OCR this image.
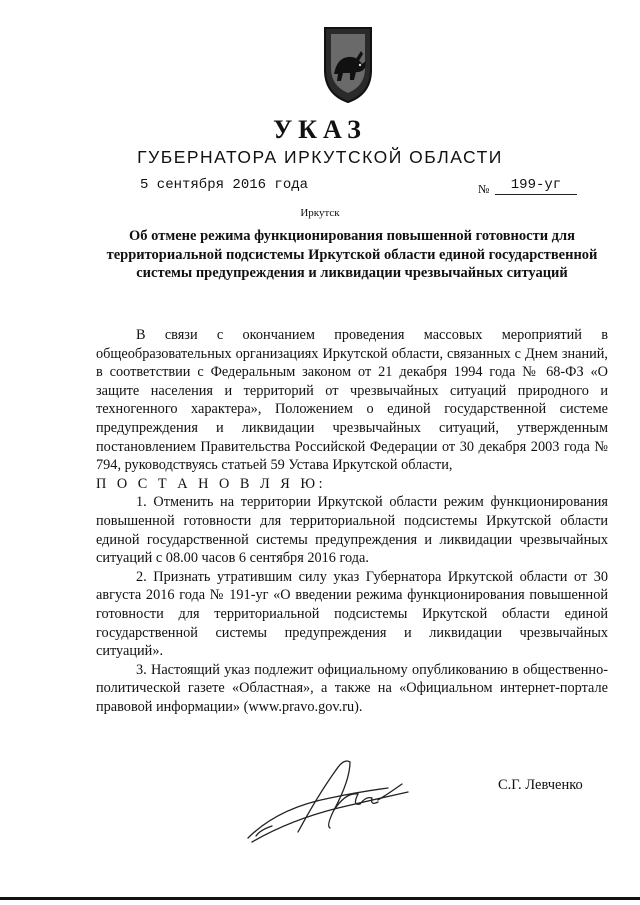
УКАЗ
ГУБЕРНАТОРА ИРКУТСКОЙ ОБЛАСТИ
5 сентября 2016 года	№	199-уг
Иркутск
Об отмене режима функционирования повышенной готовности для территориальной подсистемы Иркутской области единой государственной системы предупреждения и ликвидации чрезвычайных ситуаций

В связи с окончанием проведения массовых мероприятий в общеобразовательных организациях Иркутской области, связанных с Днем знаний, в соответствии с Федеральным законом от 21 декабря 1994 года № 68-ФЗ «О защите населения и территорий от чрезвычайных ситуаций природного и техногенного характера», Положением о единой государственной системе предупреждения и ликвидации чрезвычайных ситуаций, утвержденным постановлением Правительства Российской Федерации от 30 декабря 2003 года № 794, руководствуясь статьей 59 Устава Иркутской области,

П О С Т А Н О В Л Я Ю:

1. Отменить на территории Иркутской области режим функционирования повышенной готовности для территориальной подсистемы Иркутской области единой государственной системы предупреждения и ликвидации чрезвычайных ситуаций с 08.00 часов 6 сентября 2016 года.

2. Признать утратившим силу указ Губернатора Иркутской области от 30 августа 2016 года № 191-уг «О введении режима функционирования повышенной готовности для территориальной подсистемы Иркутской области единой государственной системы предупреждения и ликвидации чрезвычайных ситуаций».

3. Настоящий указ подлежит официальному опубликованию в общественно-политической газете «Областная», а также на «Официальном интернет-портале правовой информации» (www.pravo.gov.ru).

С.Г. Левченко
